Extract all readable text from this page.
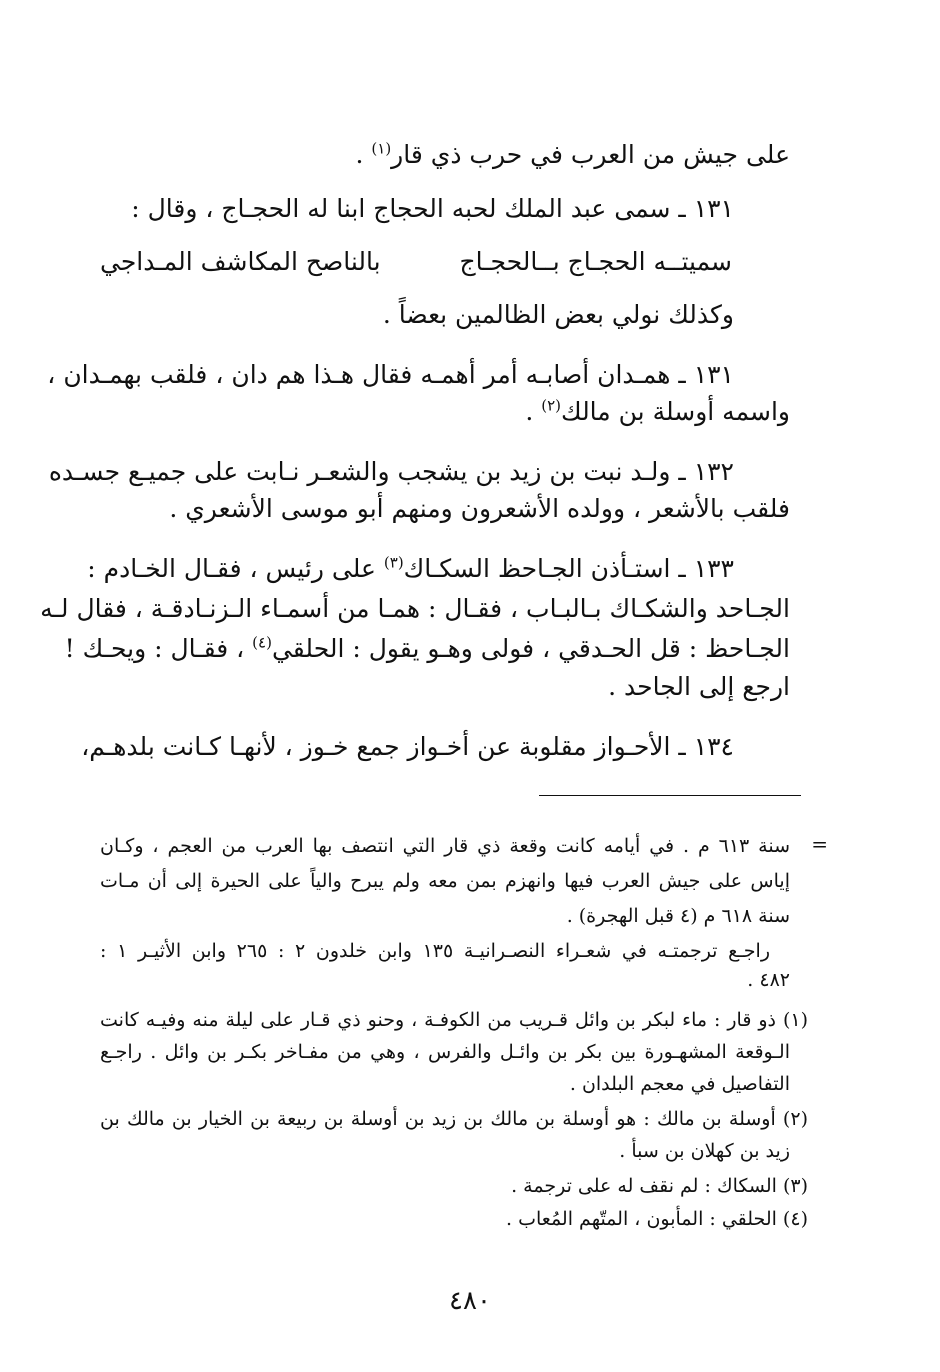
على جيش من العرب في حرب ذي قار$^{(١)}$ .
١٣١ ـ سمى عبد الملك لحبه الحجاج ابنا له الحجـاج ، وقال :
سميتــه الحجـاج بــالحجـاج
بالناصح المكاشف المـداجي
وكذلك نولي بعض الظالمين بعضاً .
١٣١ ـ همـدان أصابـه أمر أهمـه فقال هـذا هم دان ، فلقب بهمـدان ،
واسمه أوسلة بن مالك$^{(٢)}$ .
١٣٢ ـ ولـد نبت بن زيد بن يشجب والشعـر نـابت على جميـع جسـده
فلقب بالأشعر ، وولده الأشعرون ومنهم أبو موسى الأشعري .
١٣٣ ـ استـأذن الجـاحظ السكـاك$^{(٣)}$ على رئيس ، فقـال الخـادم :
الجـاحد والشكـاك بـالبـاب ، فقـال : همـا من أسمـاء الـزنـادقـة ، فقال لـه
الجـاحظ : قل الحـدقي ، فولى وهـو يقول : الحلقي$^{(٤)}$ ، فقـال : ويحـك !
ارجع إلى الجاحد .
١٣٤ ـ الأحـواز مقلوبة عن أخـواز جمع خـوز ، لأنهـا كـانت بلدهـم،
=
سنة ٦١٣ م . في أيامه كانت وقعة ذي قار التي انتصف بها العرب من العجم ، وكـان
إياس على جيش العرب فيها وانهزم بمن معه ولم يبرح والياً على الحيرة إلى أن مـات
سنة ٦١٨ م (٤ قبل الهجرة) .
راجـع ترجمتـه في شعـراء النصـرانيـة ١٣٥ وابن خلدون ٢ : ٢٦٥ وابن الأثيـر ١ :
٤٨٢ .
(١) ذو قار : ماء لبكر بن وائل قـريب من الكوفـة ، وحنو ذي قـار على ليلة منه وفيـه كانت
الـوقعة المشهـورة بين بكر بن وائـل والفرس ، وهي من مفـاخر بكـر بن وائل . راجـع
التفاصيل في معجم البلدان .
(٢) أوسلة بن مالك : هو أوسلة بن مالك بن زيد بن أوسلة بن ربيعة بن الخيار بن مالك بن
زيد بن كهلان بن سبأ .
(٣) السكاك : لم نقف له على ترجمة .
(٤) الحلقي : المأبون ، المتّهم المُعاب .
٤٨٠
